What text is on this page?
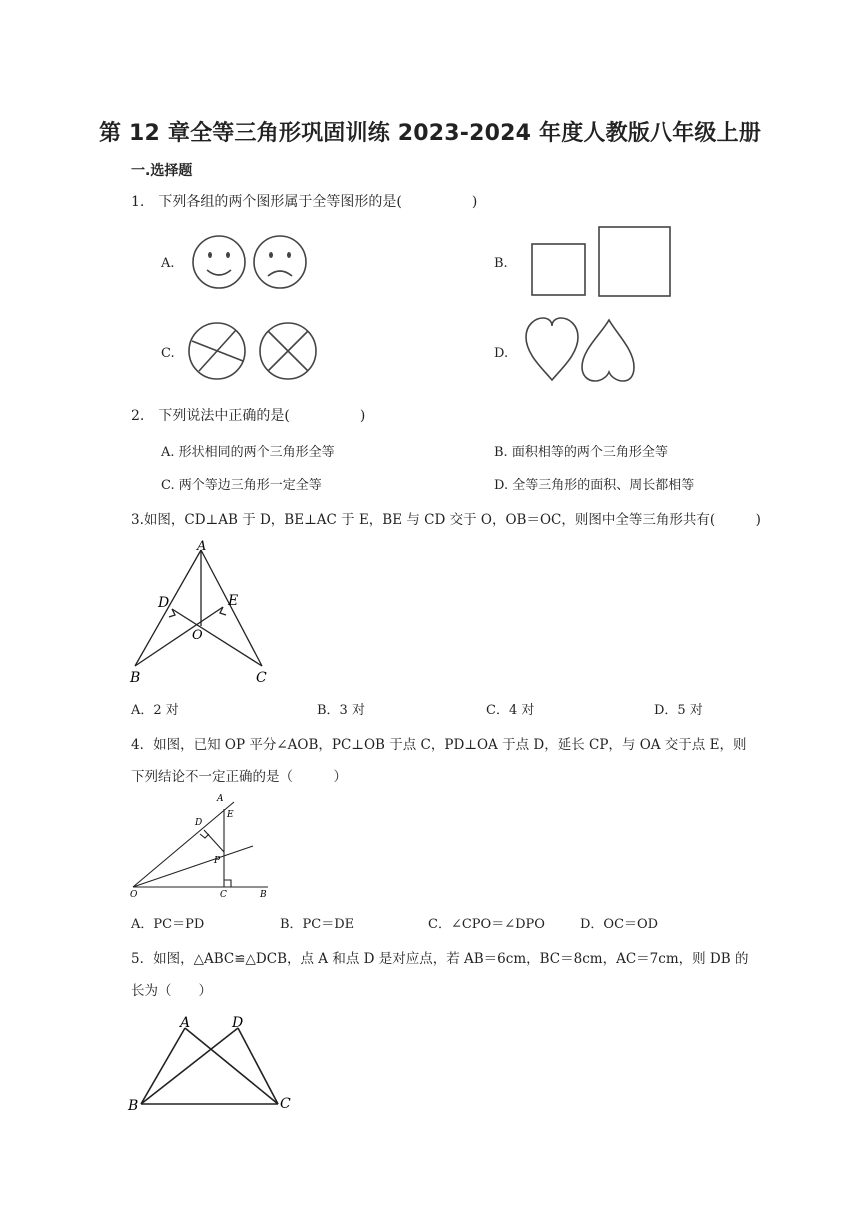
第 12 章全等三角形巩固训练 2023-2024 年度人教版八年级上册
一.选择题
1.　下列各组的两个图形属于全等图形的是(　　　　　)
A.	B.
C.	D.
2.　下列说法中正确的是(　　　　　)
A. 形状相同的两个三角形全等	B. 面积相等的两个三角形全等
C. 两个等边三角形一定全等	D. 全等三角形的面积、周长都相等
3.如图，CD⊥AB 于 D，BE⊥AC 于 E，BE 与 CD 交于 O，OB＝OC，则图中全等三角形共有(　　　)
A
D	E
O
B	C
A．2 对	B．3 对	C．4 对	D．5 对
4．如图，已知 OP 平分∠AOB，PC⊥OB 于点 C，PD⊥OA 于点 D，延长 CP，与 OA 交于点 E，则
下列结论不一定正确的是（　　　）
A
E
D
P
O	C	B
A．PC＝PD	B．PC＝DE	C．∠CPO＝∠DPO	D．OC＝OD
5．如图，△ABC≌△DCB，点 A 和点 D 是对应点，若 AB＝6cm，BC＝8cm，AC＝7cm，则 DB 的
长为（　　）
A	D
B	C
